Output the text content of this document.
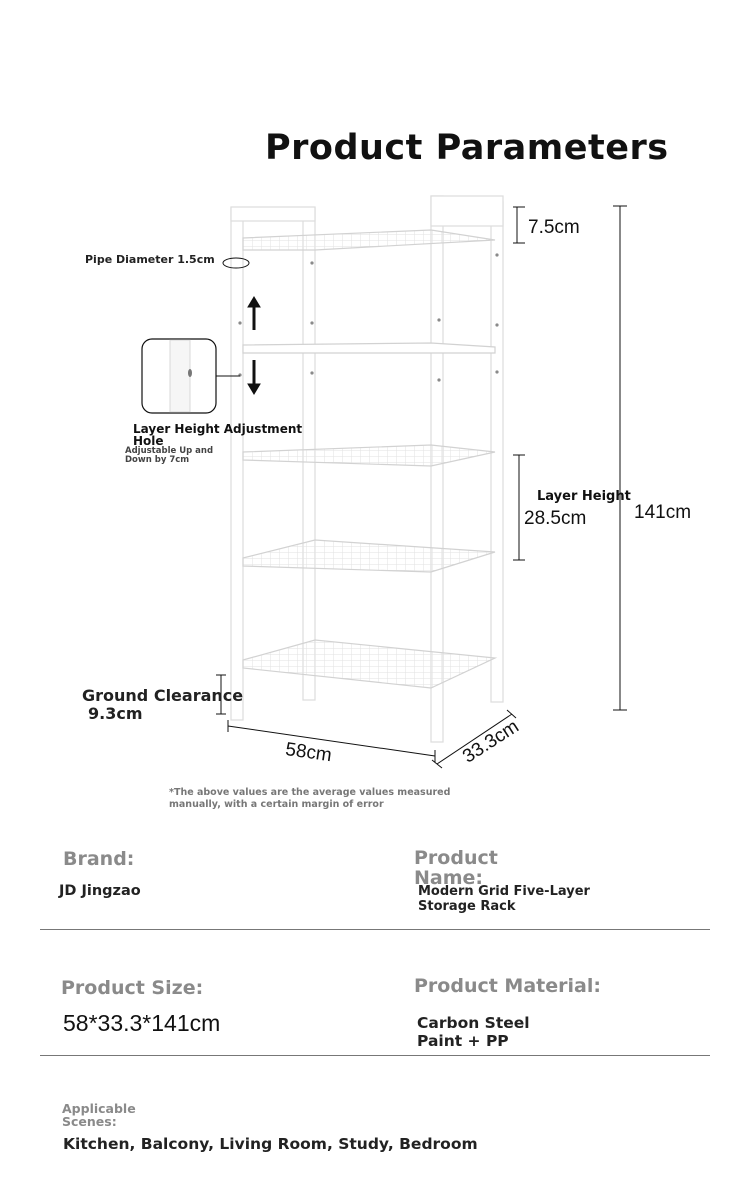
Product Parameters
Pipe Diameter 1.5cm
Layer Height Adjustment Hole
Adjustable Up and Down by 7cm
7.5cm
Layer Height
28.5cm	141cm
Ground Clearance
9.3cm
58cm	33.3cm
*The above values are the average values measured manually, with a certain margin of error
Brand:
JD Jingzao
Product Name:
Modern Grid Five-Layer Storage Rack
Product Size:
58*33.3*141cm
Product Material:
Carbon Steel Paint + PP
Applicable Scenes:
Kitchen, Balcony, Living Room, Study, Bedroom
